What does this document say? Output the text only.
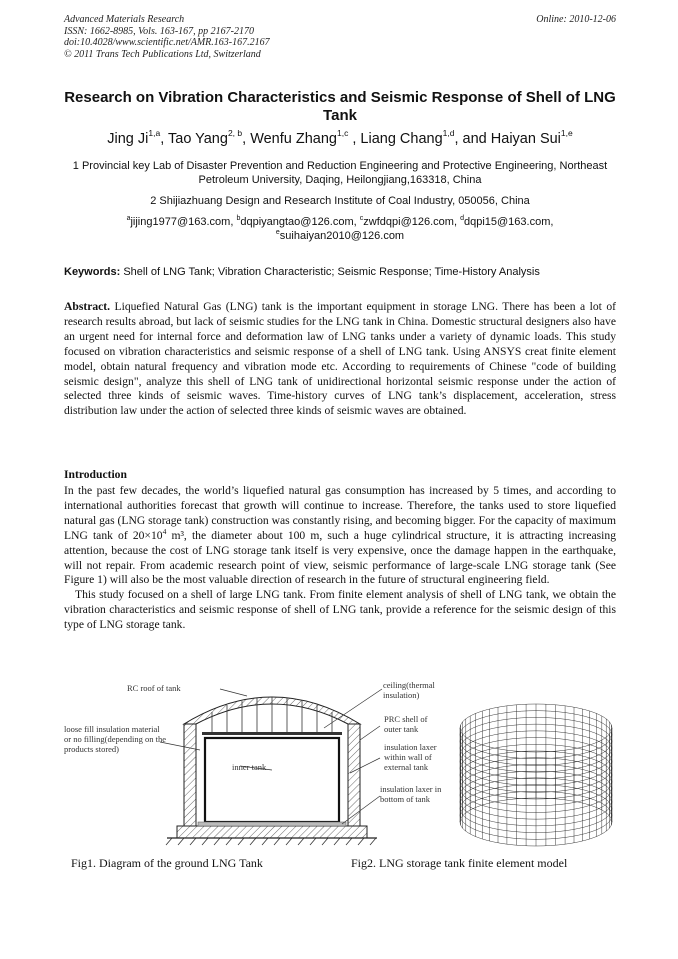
Advanced Materials Research
ISSN: 1662-8985, Vols. 163-167, pp 2167-2170
doi:10.4028/www.scientific.net/AMR.163-167.2167
© 2011 Trans Tech Publications Ltd, Switzerland
Online: 2010-12-06
Research on Vibration Characteristics and Seismic Response of Shell of LNG Tank
Jing Ji$^{1,a}$, Tao Yang$^{2, b}$, Wenfu Zhang$^{1,c}$ , Liang Chang$^{1,d}$, and Haiyan Sui$^{1,e}$
1 Provincial key Lab of Disaster Prevention and Reduction Engineering and Protective Engineering, Northeast Petroleum University, Daqing, Heilongjiang,163318, China
2 Shijiazhuang Design and Research Institute of Coal Industry, 050056, China
$^a$jijing1977@163.com, $^b$dqpiyangtao@126.com, $^c$zwfdqpi@126.com, $^d$dqpi15@163.com,
$^e$suihaiyan2010@126.com
Keywords: Shell of LNG Tank; Vibration Characteristic; Seismic Response; Time-History Analysis
Abstract. Liquefied Natural Gas (LNG) tank is the important equipment in storage LNG. There has been a lot of research results abroad, but lack of seismic studies for the LNG tank in China. Domestic structural designers also have an urgent need for internal force and deformation law of LNG tanks under a variety of dynamic loads. This study focused on vibration characteristics and seismic response of a shell of LNG tank. Using ANSYS creat finite element model, obtain natural frequency and vibration mode etc. According to requirements of Chinese "code of building seismic design", analyze this shell of LNG tank of unidirectional horizontal seismic response under the action of selected three kinds of seismic waves. Time-history curves of LNG tank’s displacement, acceleration, stress distribution law under the action of selected three kinds of seismic waves are obtained.
Introduction

In the past few decades, the world’s liquefied natural gas consumption has increased by 5 times, and according to international authorities forecast that growth will continue to increase. Therefore, the tanks used to store liquefied natural gas (LNG storage tank) construction was constantly rising, and becoming bigger. For the capacity of maximum LNG tank of $20\times 10^4$ m³, the diameter about 100 m, such a huge cylindrical structure, it is attracting increasing attention, because the cost of LNG storage tank itself is very expensive, once the damage happen in the earthquake, will not repair. From academic research point of view, seismic performance of large-scale LNG storage tank (See Figure 1) will also be the most valuable direction of research in the future of structural engineering field.

This study focused on a shell of large LNG tank. From finite element analysis of shell of LNG tank, we obtain the vibration characteristics and seismic response of shell of LNG tank, provide a reference for the seismic design of this type of LNG storage tank.

RC roof of tank	ceiling(thermal
insulation)
loose fill insulation material
or no filling(depending on the
products stored)
inner tank
PRC shell of
outer tank
insulation laxer
within wall of
external tank
insulation laxer in
bottom of tank
Fig1. Diagram of the ground LNG Tank	Fig2. LNG storage tank finite element model
